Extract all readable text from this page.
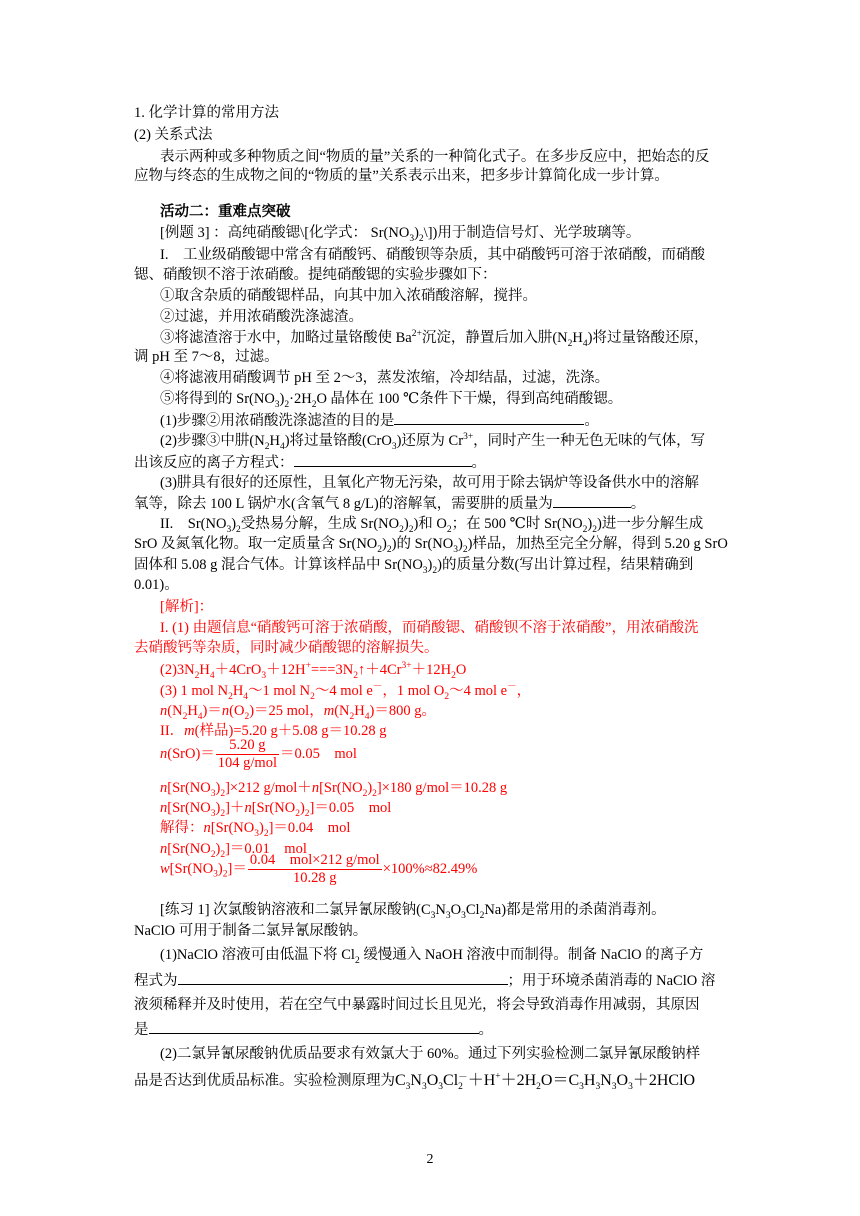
1. 化学计算的常用方法
(2) 关系式法
表示两种或多种物质之间“物质的量”关系的一种简化式子。在多步反应中，把始态的反
应物与终态的生成物之间的“物质的量”关系表示出来，把多步计算简化成一步计算。
活动二：重难点突破
[例题 3] ：高纯硝酸锶\[化学式： $Sr(NO_3)_2\backslash$])用于制造信号灯、光学玻璃等。
I.　工业级硝酸锶中常含有硝酸钙、硝酸钡等杂质，其中硝酸钙可溶于浓硝酸，而硝酸
锶、硝酸钡不溶于浓硝酸。提纯硝酸锶的实验步骤如下：
①取含杂质的硝酸锶样品，向其中加入浓硝酸溶解，搅拌。
②过滤，并用浓硝酸洗涤滤渣。
③将滤渣溶于水中，加略过量铬酸使 $Ba^{2+}$沉淀，静置后加入肼$(N_2H_4)$将过量铬酸还原，
调 pH 至 7～8，过滤。
④将滤液用硝酸调节 pH 至 2～3，蒸发浓缩，冷却结晶，过滤，洗涤。
⑤将得到的 $Sr(NO_3)_2\cdot 2H_2O$ 晶体在 100 ℃条件下干燥，得到高纯硝酸锶。
(1)步骤②用浓硝酸洗涤滤渣的目的是	。
(2)步骤③中肼$(N_2H_4)$将过量铬酸(CrO$_3$)还原为 $Cr^{3+}$，同时产生一种无色无味的气体，写
出该反应的离子方程式：	。
(3)肼具有很好的还原性，且氧化产物无污染，故可用于除去锅炉等设备供水中的溶解
氧等，除去 100 L 锅炉水(含氧气 8 g/L)的溶解氧，需要肼的质量为	。
II.　$Sr(NO_3)_2$受热易分解，生成 $Sr(NO_2)_2$)和 $O_2$；在 500 ℃时 $Sr(NO_2)_2$)进一步分解生成
SrO 及氮氧化物。取一定质量含 $Sr(NO_2)_2$)的 $Sr(NO_3)_2$)样品，加热至完全分解，得到 5.20 g SrO
固体和 5.08 g 混合气体。计算该样品中 $Sr(NO_3)_2$)的质量分数(写出计算过程，结果精确到
0.01)。
[解析]：
I. (1) 由题信息“硝酸钙可溶于浓硝酸，而硝酸锶、硝酸钡不溶于浓硝酸”，用浓硝酸洗
去硝酸钙等杂质，同时减少硝酸锶的溶解损失。
$(2)3N_2H_4+4CrO_3+12H^+===3N_2↑+4Cr^{3+}+12H_2O$
(3) 1 mol $N_2H_4\sim 1$ mol $N_2\sim 4$ mol e－，1 mol $O_2\sim 4$ mol e－，
$n(N_2H_4)=n(O_2)=25$ mol，$m(N_2H_4)=800$ g。
II．m(样品)=5.20 g＋5.08 g＝10.28 g
$n(SrO)= \frac{5.20 g}{\text{104 g/mol}} =0.05$　mol
$n[Sr(NO_3)_2]\times 212$ $g/mol+n[Sr(NO_2)_2]\times 180$ g/mol＝10.28 g
$n[Sr(NO_3)_2]+n[Sr(NO_2)_2]=0.05$　mol
解得：$n[Sr(NO_3)_2]=0.04$　mol
$n[Sr(NO_2)_2]=0.01$　mol
$w[Sr(NO_3)_2]= \frac{\text{0.04　mol×212 g/mol}}{10.28 g} \times 100\%\approx 82.49\%$
[练习 1] 次氯酸钠溶液和二氯异氰尿酸钠$(C_3N_3O_3Cl_2Na)$都是常用的杀菌消毒剂。
NaClO 可用于制备二氯异氰尿酸钠。
(1)NaClO 溶液可由低温下将 $Cl_2$ 缓慢通入 NaOH 溶液中而制得。制备 NaClO 的离子方
程式为	；用于环境杀菌消毒的 NaClO 溶
液须稀释并及时使用，若在空气中暴露时间过长且见光，将会导致消毒作用减弱，其原因
是	。
(2)二氯异氰尿酸钠优质品要求有效氯大于 60%。通过下列实验检测二氯异氰尿酸钠样
品是否达到优质品标准。实验检测原理为$C_3N_3O_3Cl$ －
$2 +H^++2H_2O=C_3H_3N_3O_3+2HClO$
2
